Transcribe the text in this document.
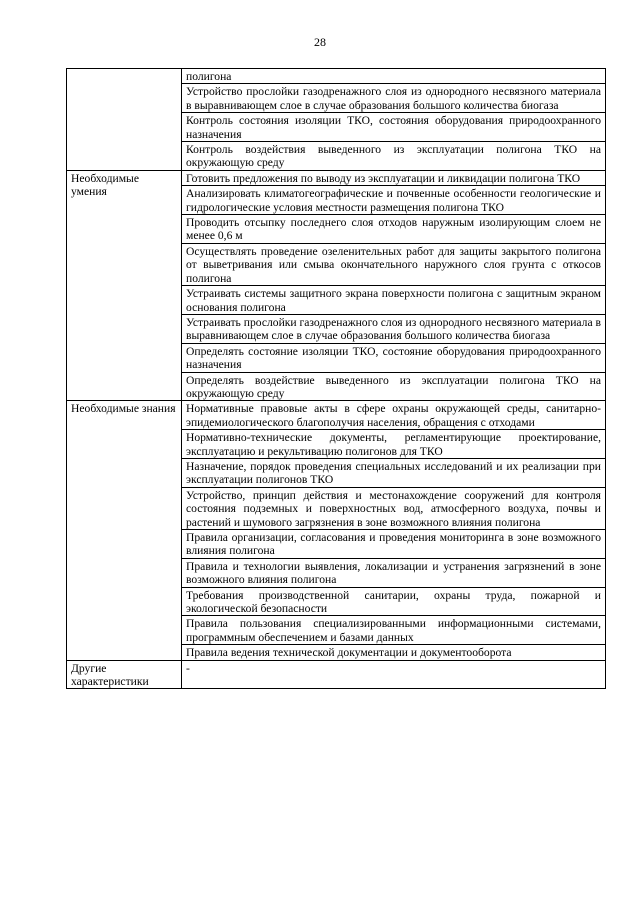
28
	полигона
	Устройство прослойки газодренажного слоя из однородного несвязного материала в выравнивающем слое в случае образования большого количества биогаза
	Контроль состояния изоляции ТКО, состояния оборудования природоохранного назначения
	Контроль воздействия выведенного из эксплуатации полигона ТКО на окружающую среду
Необходимые умения	Готовить предложения по выводу из эксплуатации и ликвидации полигона ТКО
	Анализировать климатогеографические и почвенные особенности геологические и гидрологические условия местности размещения полигона ТКО
	Проводить отсыпку последнего слоя отходов наружным изолирующим слоем не менее 0,6 м
	Осуществлять проведение озеленительных работ для защиты закрытого полигона от выветривания или смыва окончательного наружного слоя грунта с откосов полигона
	Устраивать системы защитного экрана поверхности полигона с защитным экраном основания полигона
	Устраивать прослойки газодренажного слоя из однородного несвязного материала в выравнивающем слое в случае образования большого количества биогаза
	Определять состояние изоляции ТКО, состояние оборудования природоохранного назначения
	Определять воздействие выведенного из эксплуатации полигона ТКО на окружающую среду
Необходимые знания	Нормативные правовые акты в сфере охраны окружающей среды, санитарно-эпидемиологического благополучия населения, обращения с отходами
	Нормативно-технические документы, регламентирующие проектирование, эксплуатацию и рекультивацию полигонов для ТКО
	Назначение, порядок проведения специальных исследований и их реализации при эксплуатации полигонов ТКО
	Устройство, принцип действия и местонахождение сооружений для контроля состояния подземных и поверхностных вод, атмосферного воздуха, почвы и растений и шумового загрязнения в зоне возможного влияния полигона
	Правила организации, согласования и проведения мониторинга в зоне возможного влияния полигона
	Правила и технологии выявления, локализации и устранения загрязнений в зоне возможного влияния полигона
	Требования производственной санитарии, охраны труда, пожарной и экологической безопасности
	Правила пользования специализированными информационными системами, программным обеспечением и базами данных
	Правила ведения технической документации и документооборота
Другие характеристики	-
